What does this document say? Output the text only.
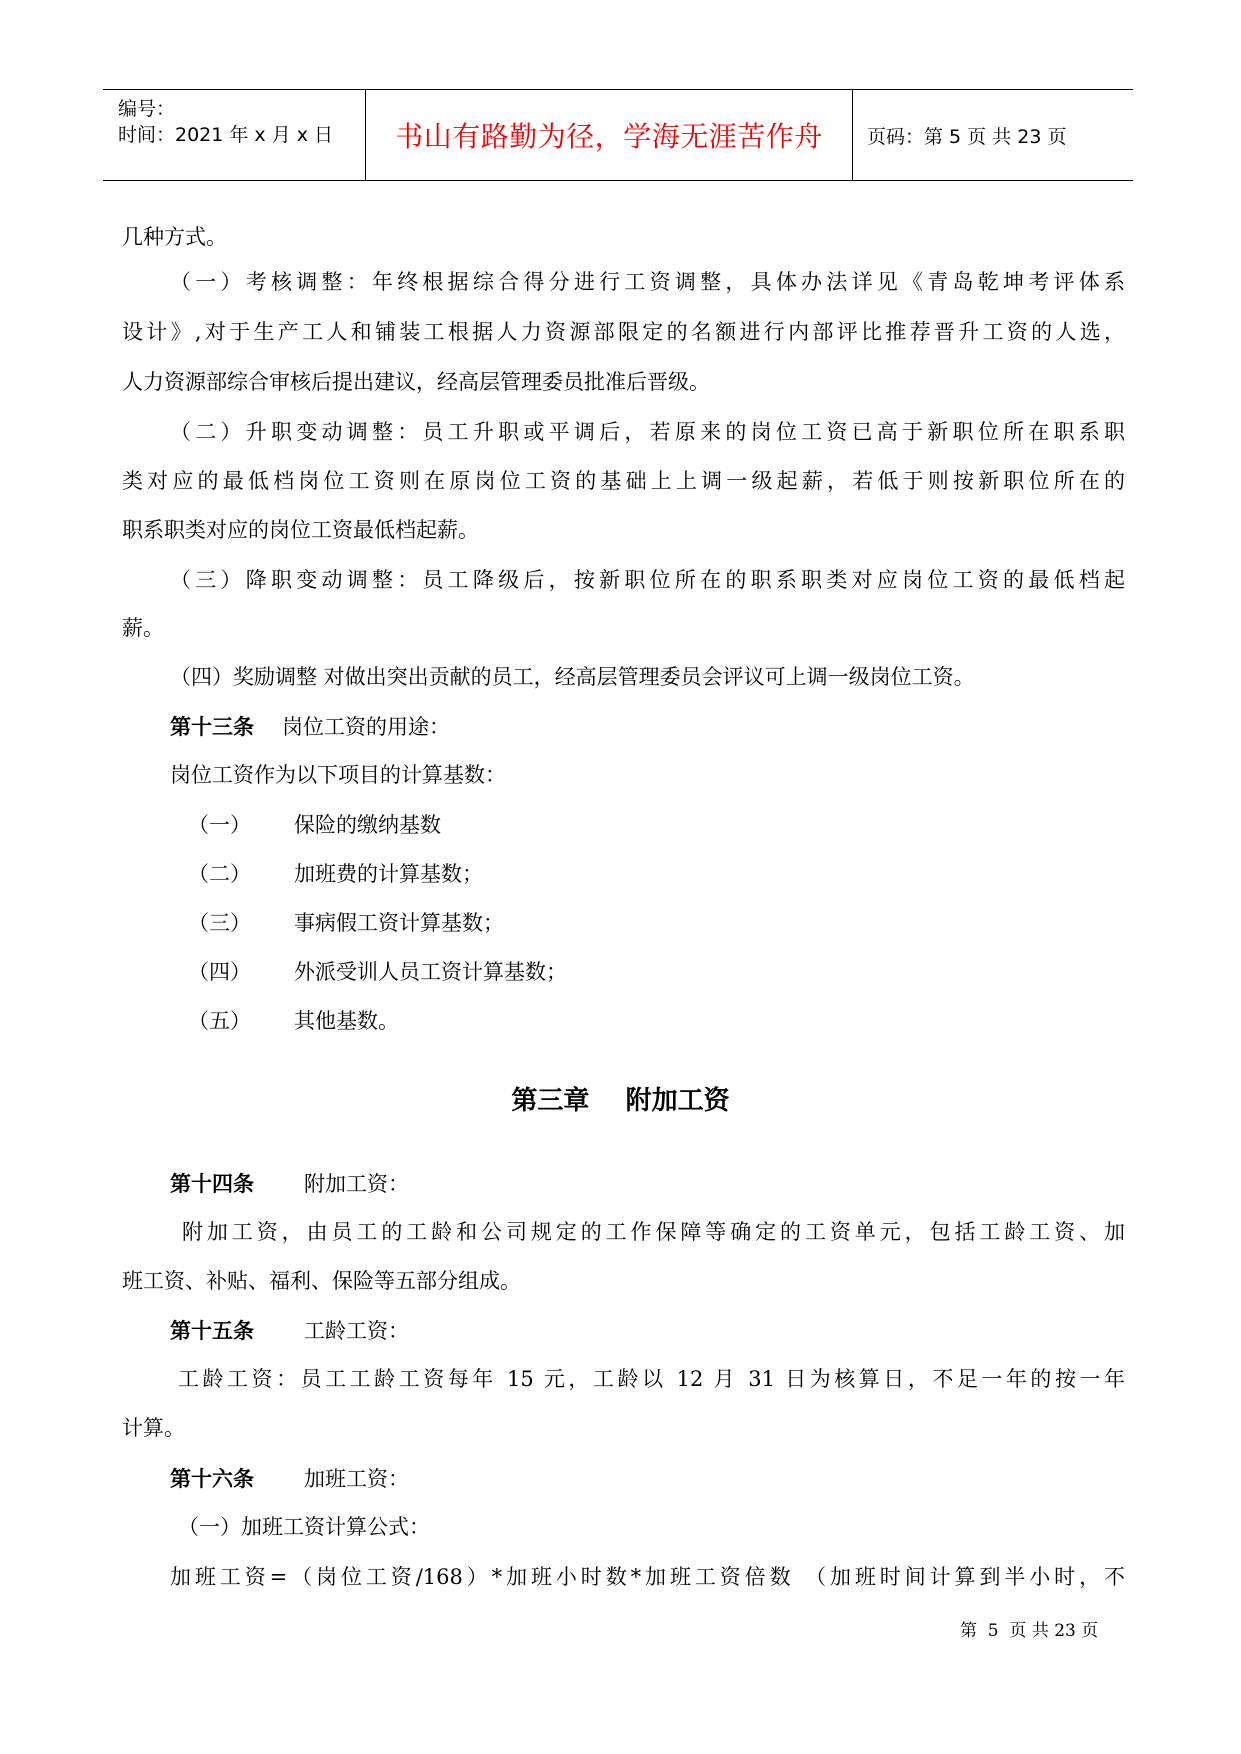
编号：
时间：2021 年 x 月 x 日	书山有路勤为径，学海无涯苦作舟	页码：第 5 页 共 23 页
几种方式。
（一）考核调整：年终根据综合得分进行工资调整，具体办法详见《青岛乾坤考评体系
设计》,对于生产工人和铺装工根据人力资源部限定的名额进行内部评比推荐晋升工资的人选，
人力资源部综合审核后提出建议，经高层管理委员批准后晋级。
（二）升职变动调整：员工升职或平调后，若原来的岗位工资已高于新职位所在职系职
类对应的最低档岗位工资则在原岗位工资的基础上上调一级起薪，若低于则按新职位所在的
职系职类对应的岗位工资最低档起薪。
（三）降职变动调整：员工降级后，按新职位所在的职系职类对应岗位工资的最低档起
薪。
（四）奖励调整 对做出突出贡献的员工，经高层管理委员会评议可上调一级岗位工资。
第十三条 岗位工资的用途：
岗位工资作为以下项目的计算基数：
（一） 保险的缴纳基数
（二） 加班费的计算基数；
（三） 事病假工资计算基数；
（四） 外派受训人员工资计算基数；
（五） 其他基数。
第三章    附加工资
第十四条 附加工资：
附加工资，由员工的工龄和公司规定的工作保障等确定的工资单元，包括工龄工资、加
班工资、补贴、福利、保险等五部分组成。
第十五条 工龄工资：
工龄工资：员工工龄工资每年 15 元，工龄以 12 月 31 日为核算日，不足一年的按一年
计算。
第十六条 加班工资：
（一）加班工资计算公式：
加班工资=（岗位工资/168）*加班小时数*加班工资倍数 （加班时间计算到半小时，不
第  5  页 共 23 页
